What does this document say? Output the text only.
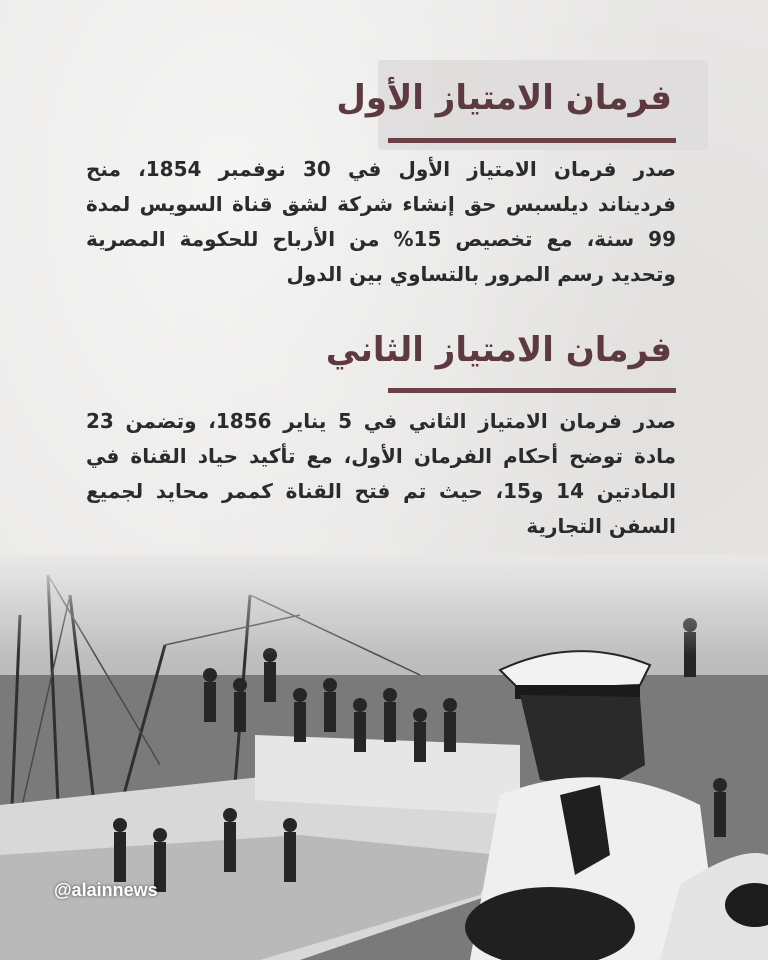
فرمان الامتياز الأول
صدر فرمان الامتياز الأول في 30 نوفمبر 1854، منح فرديناند ديلسبس حق إنشاء شركة لشق قناة السويس لمدة 99 سنة، مع تخصيص 15% من الأرباح للحكومة المصرية وتحديد رسم المرور بالتساوي بين الدول
فرمان الامتياز الثاني
صدر فرمان الامتياز الثاني في 5 يناير 1856، وتضمن 23 مادة توضح أحكام الفرمان الأول، مع تأكيد حياد القناة في المادتين 14 و15، حيث تم فتح القناة كممر محايد لجميع السفن التجارية
@alainnews
